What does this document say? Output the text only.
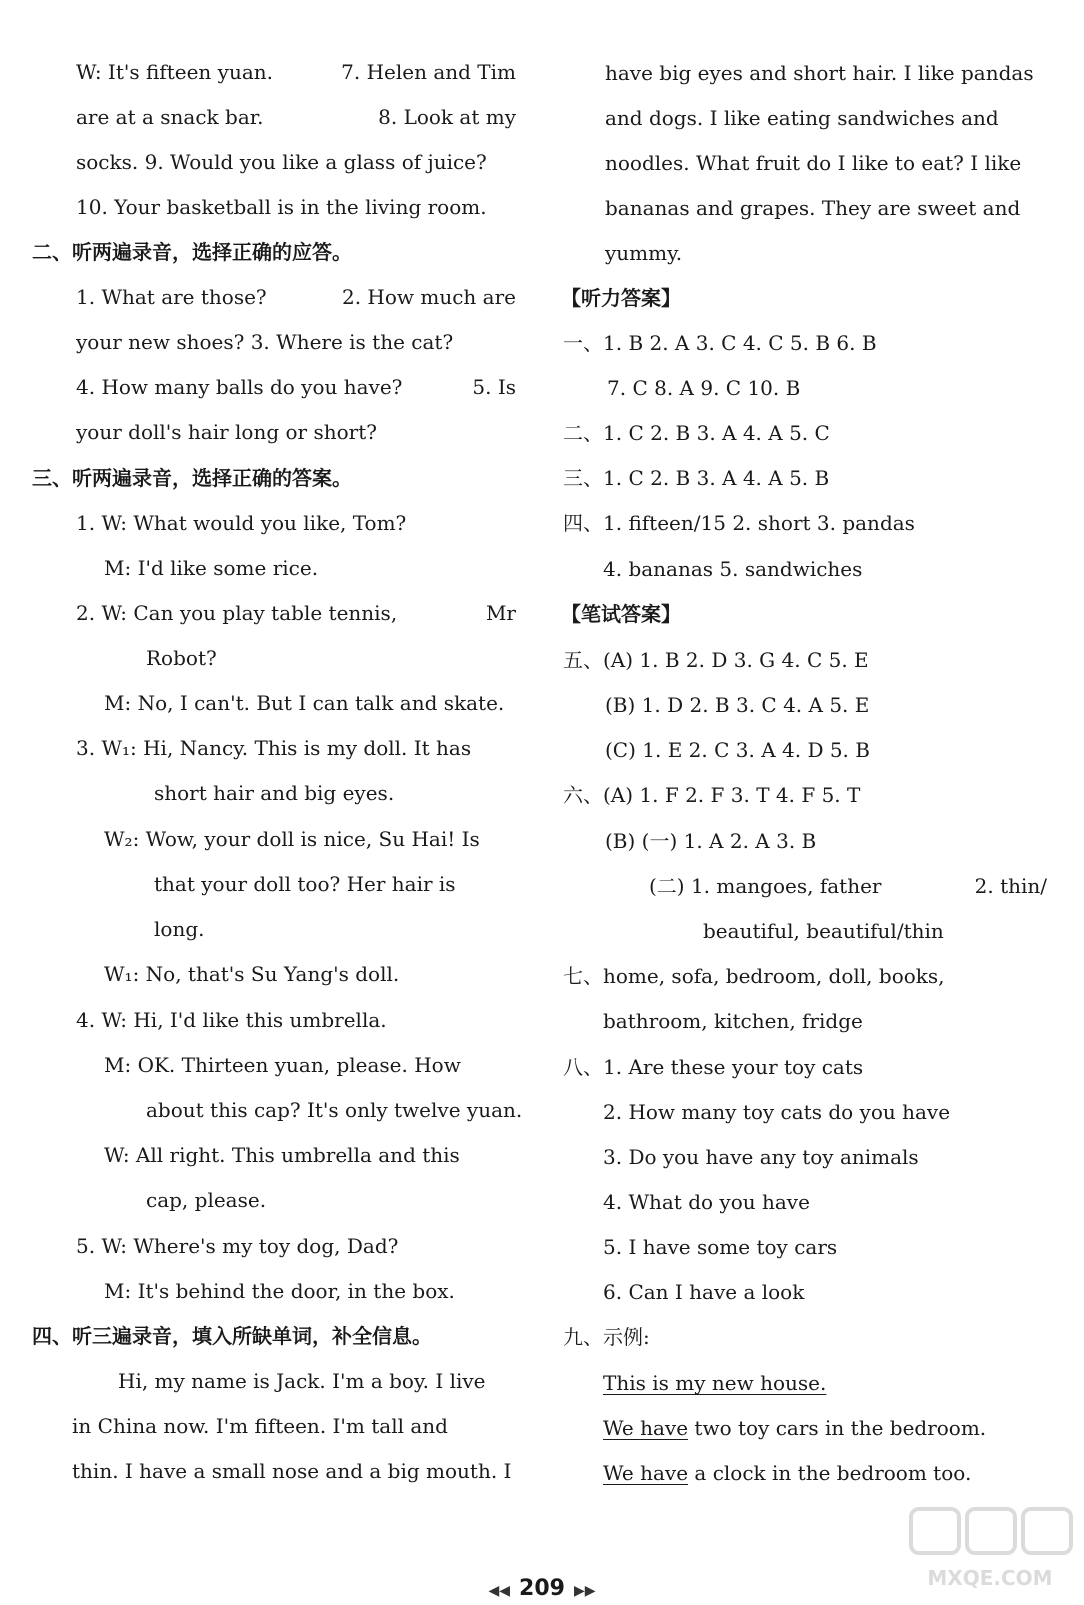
W: It's fifteen yuan.	7. Helen and Tim
are at a snack bar.	8. Look at my
socks. 9. Would you like a glass of juice?
10. Your basketball is in the living room.
二、听两遍录音，选择正确的应答。
1. What are those?	2. How much are
your new shoes? 3. Where is the cat?
4. How many balls do you have?	5. Is
your doll's hair long or short?
三、听两遍录音，选择正确的答案。
1. W: What would you like, Tom?
M: I'd like some rice.
2. W: Can you play table tennis,	Mr
Robot?
M: No, I can't. But I can talk and skate.
3. W₁: Hi, Nancy. This is my doll. It has
short hair and big eyes.
W₂: Wow, your doll is nice, Su Hai! Is
that your doll too? Her hair is
long.
W₁: No, that's Su Yang's doll.
4. W: Hi, I'd like this umbrella.
M: OK. Thirteen yuan, please. How
about this cap? It's only twelve yuan.
W: All right. This umbrella and this
cap, please.
5. W: Where's my toy dog, Dad?
M: It's behind the door, in the box.
四、听三遍录音，填入所缺单词，补全信息。
Hi, my name is Jack. I'm a boy. I live
in China now. I'm fifteen. I'm tall and
thin. I have a small nose and a big mouth. I
have big eyes and short hair. I like pandas
and dogs. I like eating sandwiches and
noodles. What fruit do I like to eat? I like
bananas and grapes. They are sweet and
yummy.
【听力答案】
一、1. B 2. A 3. C 4. C 5. B 6. B
7. C 8. A 9. C 10. B
二、1. C 2. B 3. A 4. A 5. C
三、1. C 2. B 3. A 4. A 5. B
四、1. fifteen/15 2. short 3. pandas
4. bananas 5. sandwiches
【笔试答案】
五、(A) 1. B 2. D 3. G 4. C 5. E
(B) 1. D 2. B 3. C 4. A 5. E
(C) 1. E 2. C 3. A 4. D 5. B
六、(A) 1. F 2. F 3. T 4. F 5. T
(B) (一) 1. A 2. A 3. B
(二) 1. mangoes, father	2. thin/
beautiful, beautiful/thin
七、home, sofa, bedroom, doll, books,
bathroom, kitchen, fridge
八、1. Are these your toy cats
2. How many toy cats do you have
3. Do you have any toy animals
4. What do you have
5. I have some toy cars
6. Can I have a look
九、示例:
This is my new house.
We have two toy cars in the bedroom.
We have a clock in the bedroom too.
MXQE.COM
◀◀ 209 ▶▶
